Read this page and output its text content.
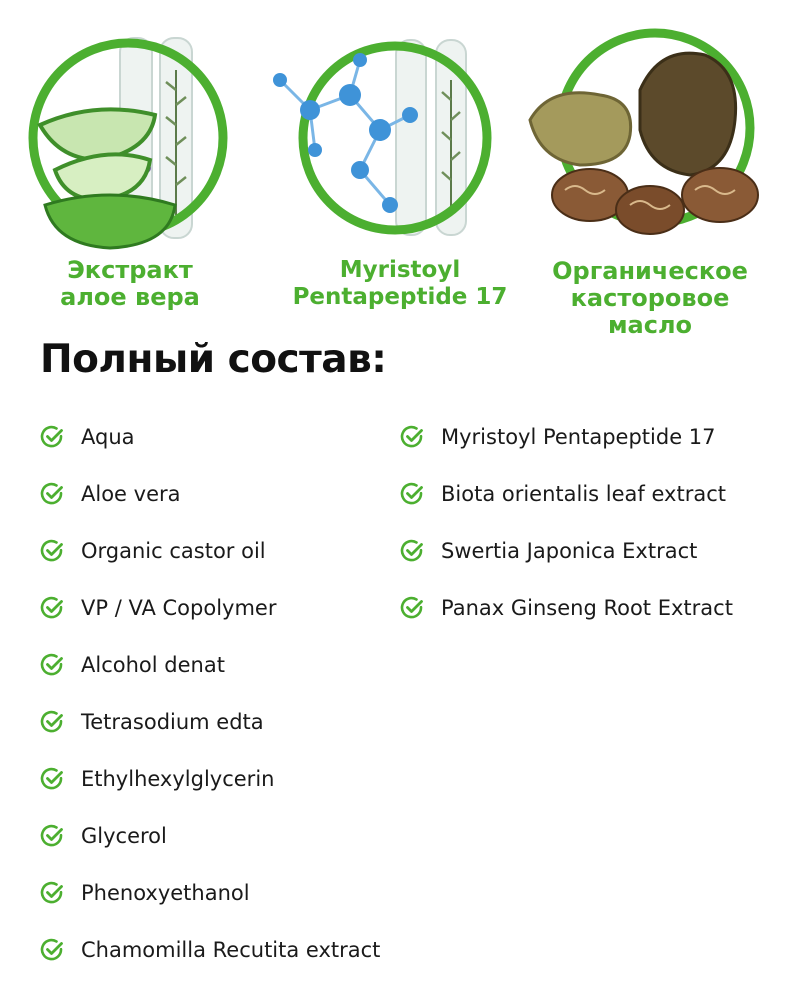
Экстракт
алое вера
Myristoyl
Pentapeptide 17
Органическое
касторовое
масло
Полный состав:
Aqua
Aloe vera
Organic castor oil
VP / VA Copolymer
Alcohol denat
Tetrasodium edta
Ethylhexylglycerin
Glycerol
Phenoxyethanol
Chamomilla Recutita extract
Myristoyl Pentapeptide 17
Biota orientalis leaf extract
Swertia Japonica Extract
Panax Ginseng Root Extract
